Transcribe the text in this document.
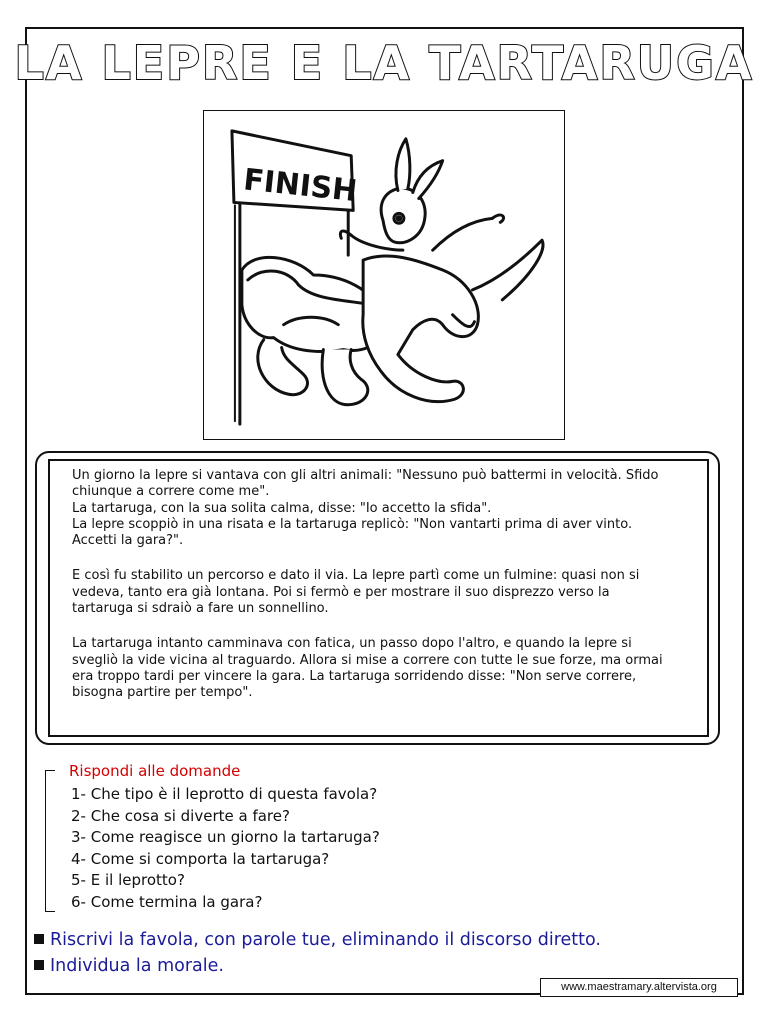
LA LEPRE E LA TARTARUGA
FINISH

Un giorno la lepre si vantava con gli altri animali: "Nessuno può battermi in velocità. Sfido
chiunque a correre come me".
La tartaruga, con la sua solita calma, disse: "Io accetto la sfida".
La lepre scoppiò in una risata e la tartaruga replicò: "Non vantarti prima di aver vinto.
Accetti la gara?".

E così fu stabilito un percorso e dato il via. La lepre partì come un fulmine: quasi non si
vedeva, tanto era già lontana. Poi si fermò e per mostrare il suo disprezzo verso la
tartaruga si sdraiò a fare un sonnellino.

La tartaruga intanto camminava con fatica, un passo dopo l'altro, e quando la lepre si
svegliò la vide vicina al traguardo. Allora si mise a correre con tutte le sue forze, ma ormai
era troppo tardi per vincere la gara. La tartaruga sorridendo disse: "Non serve correre,
bisogna partire per tempo".

Rispondi alle domande
1- Che tipo è il leprotto di questa favola?
2- Che cosa si diverte a fare?
3- Come reagisce un giorno la tartaruga?
4- Come si comporta la tartaruga?
5- E il leprotto?
6- Come termina la gara?
Riscrivi la favola, con parole tue, eliminando il discorso diretto.
Individua la morale.
www.maestramary.altervista.org
